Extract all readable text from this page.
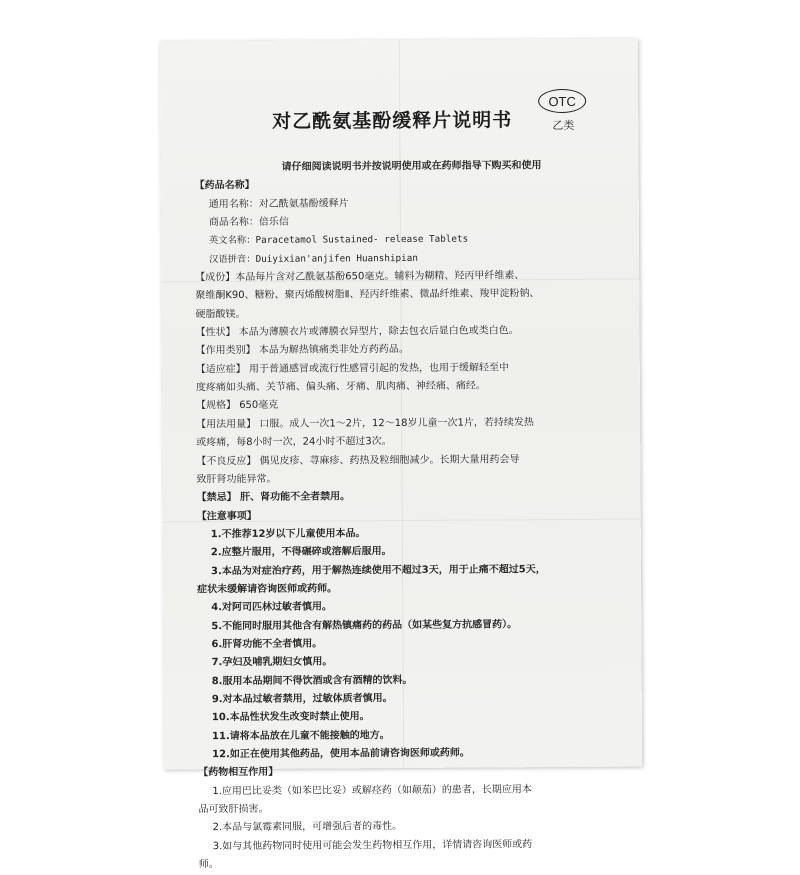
对乙酰氨基酚缓释片说明书
OTC
乙类

请仔细阅读说明书并按说明使用或在药师指导下购买和使用

【药品名称】

通用名称：对乙酰氨基酚缓释片

商品名称：倍乐信

英文名称：Paracetamol Sustained- release Tablets

汉语拼音：Duiyixian'anjifen Huanshipian

【成份】本品每片含对乙酰氨基酚650毫克。辅料为糊精、羟丙甲纤维素、

聚维酮K90、糖粉、聚丙烯酸树脂Ⅱ、羟丙纤维素、微晶纤维素、羧甲淀粉钠、

硬脂酸镁。

【性状】 本品为薄膜衣片或薄膜衣异型片，除去包衣后显白色或类白色。

【作用类别】 本品为解热镇痛类非处方药药品。

【适应症】 用于普通感冒或流行性感冒引起的发热，也用于缓解轻至中

度疼痛如头痛、关节痛、偏头痛、牙痛、肌肉痛、神经痛、痛经。

【规格】 650毫克

【用法用量】 口服。成人一次1～2片，12～18岁儿童一次1片，若持续发热

或疼痛，每8小时一次，24小时不超过3次。

【不良反应】 偶见皮疹、荨麻疹、药热及粒细胞减少。长期大量用药会导

致肝肾功能异常。

【禁忌】 肝、肾功能不全者禁用。

【注意事项】

1.不推荐12岁以下儿童使用本品。

2.应整片服用，不得碾碎或溶解后服用。

3.本品为对症治疗药，用于解热连续使用不超过3天，用于止痛不超过5天，

症状未缓解请咨询医师或药师。

4.对阿司匹林过敏者慎用。

5.不能同时服用其他含有解热镇痛药的药品（如某些复方抗感冒药）。

6.肝肾功能不全者慎用。

7.孕妇及哺乳期妇女慎用。

8.服用本品期间不得饮酒或含有酒精的饮料。

9.对本品过敏者禁用，过敏体质者慎用。

10.本品性状发生改变时禁止使用。

11.请将本品放在儿童不能接触的地方。

12.如正在使用其他药品，使用本品前请咨询医师或药师。

【药物相互作用】

1.应用巴比妥类（如苯巴比妥）或解痉药（如颠茄）的患者，长期应用本

品可致肝损害。

2.本品与氯霉素同服，可增强后者的毒性。

3.如与其他药物同时使用可能会发生药物相互作用，详情请咨询医师或药

师。
